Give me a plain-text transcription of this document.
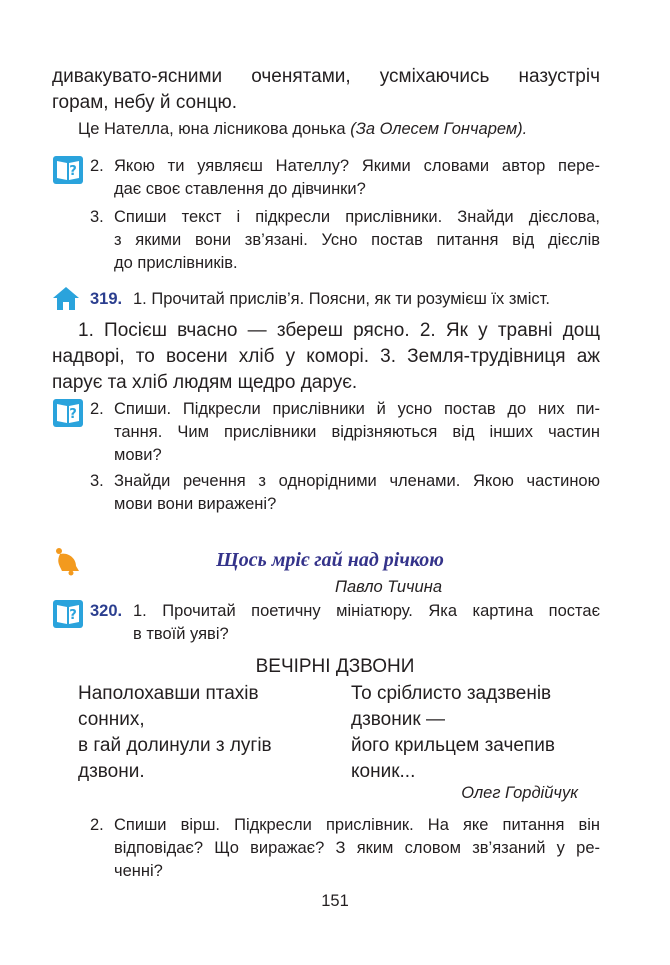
дивакувато-ясними оченятами, усміхаючись назустріч
горам, небу й сонцю.
Це Нателла, юна лісникова донька (За Олесем Гончарем).
? 2. Якою ти уявляєш Нателлу? Якими словами автор пере-
дає своє ставлення до дівчинки?
3. Спиши текст і підкресли прислівники. Знайди дієслова,
з якими вони зв’язані. Усно постав питання від дієслів
до прислівників.
319. 1. Прочитай прислів’я. Поясни, як ти розумієш їх зміст.
1. Посієш вчасно — збереш рясно. 2. Як у травні дощ
надворі, то восени хліб у коморі. 3. Земля-трудівниця аж
парує та хліб людям щедро дарує.
? 2. Спиши. Підкресли прислівники й усно постав до них пи-
тання. Чим прислівники відрізняються від інших частин
мови?
3. Знайди речення з однорідними членами. Якою частиною
мови вони виражені?
Щось мріє гай над річкою
Павло Тичина
? 320. 1. Прочитай поетичну мініатюру. Яка картина постає
в твоїй уяві?
ВЕЧІРНІ ДЗВОНИ
Наполохавши птахів
сонних,
в гай долинули з лугів
дзвони.
То сріблисто задзвенів
дзвоник —
його крильцем зачепив
коник...
Олег Гордійчук
2. Спиши вірш. Підкресли прислівник. На яке питання він
відповідає? Що виражає? З яким словом зв’язаний у ре-
ченні?
151
